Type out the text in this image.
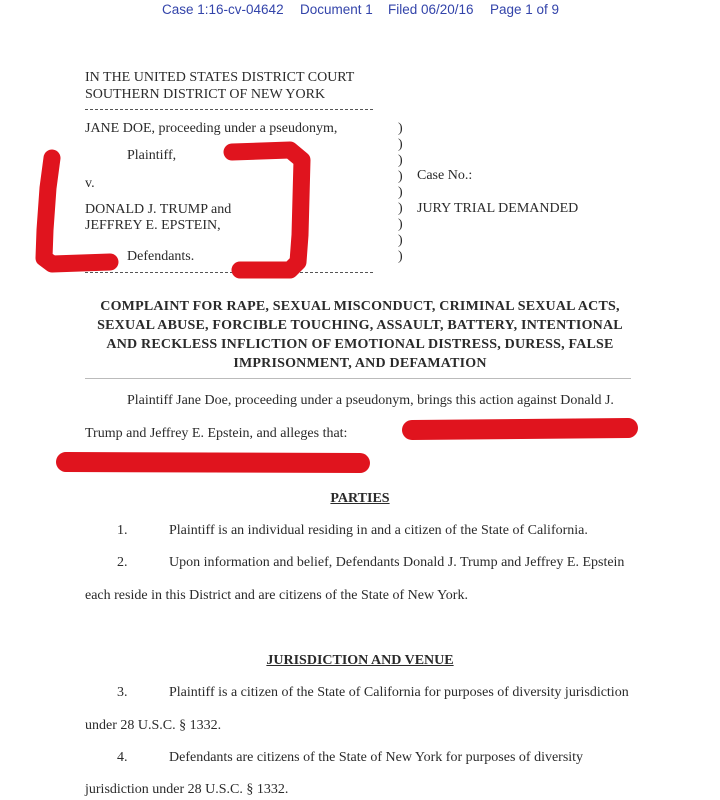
Case 1:16-cv-04642 Document 1 Filed 06/20/16 Page 1 of 9
IN THE UNITED STATES DISTRICT COURT
SOUTHERN DISTRICT OF NEW YORK
JANE DOE, proceeding under a pseudonym,
Plaintiff,
v.
DONALD J. TRUMP and
JEFFREY E. EPSTEIN,
Defendants.
)
)
)
)
)
)
)
)
)
Case No.:
JURY TRIAL DEMANDED
COMPLAINT FOR RAPE, SEXUAL MISCONDUCT, CRIMINAL SEXUAL ACTS,
SEXUAL ABUSE, FORCIBLE TOUCHING, ASSAULT, BATTERY, INTENTIONAL
AND RECKLESS INFLICTION OF EMOTIONAL DISTRESS, DURESS, FALSE
IMPRISONMENT, AND DEFAMATION
Plaintiff Jane Doe, proceeding under a pseudonym, brings this action against Donald J.
Trump and Jeffrey E. Epstein, and alleges that:
PARTIES
1.	Plaintiff is an individual residing in and a citizen of the State of California.
2.	Upon information and belief, Defendants Donald J. Trump and Jeffrey E. Epstein
each reside in this District and are citizens of the State of New York.
JURISDICTION AND VENUE
3.	Plaintiff is a citizen of the State of California for purposes of diversity jurisdiction
under 28 U.S.C. § 1332.
4.	Defendants are citizens of the State of New York for purposes of diversity
jurisdiction under 28 U.S.C. § 1332.
